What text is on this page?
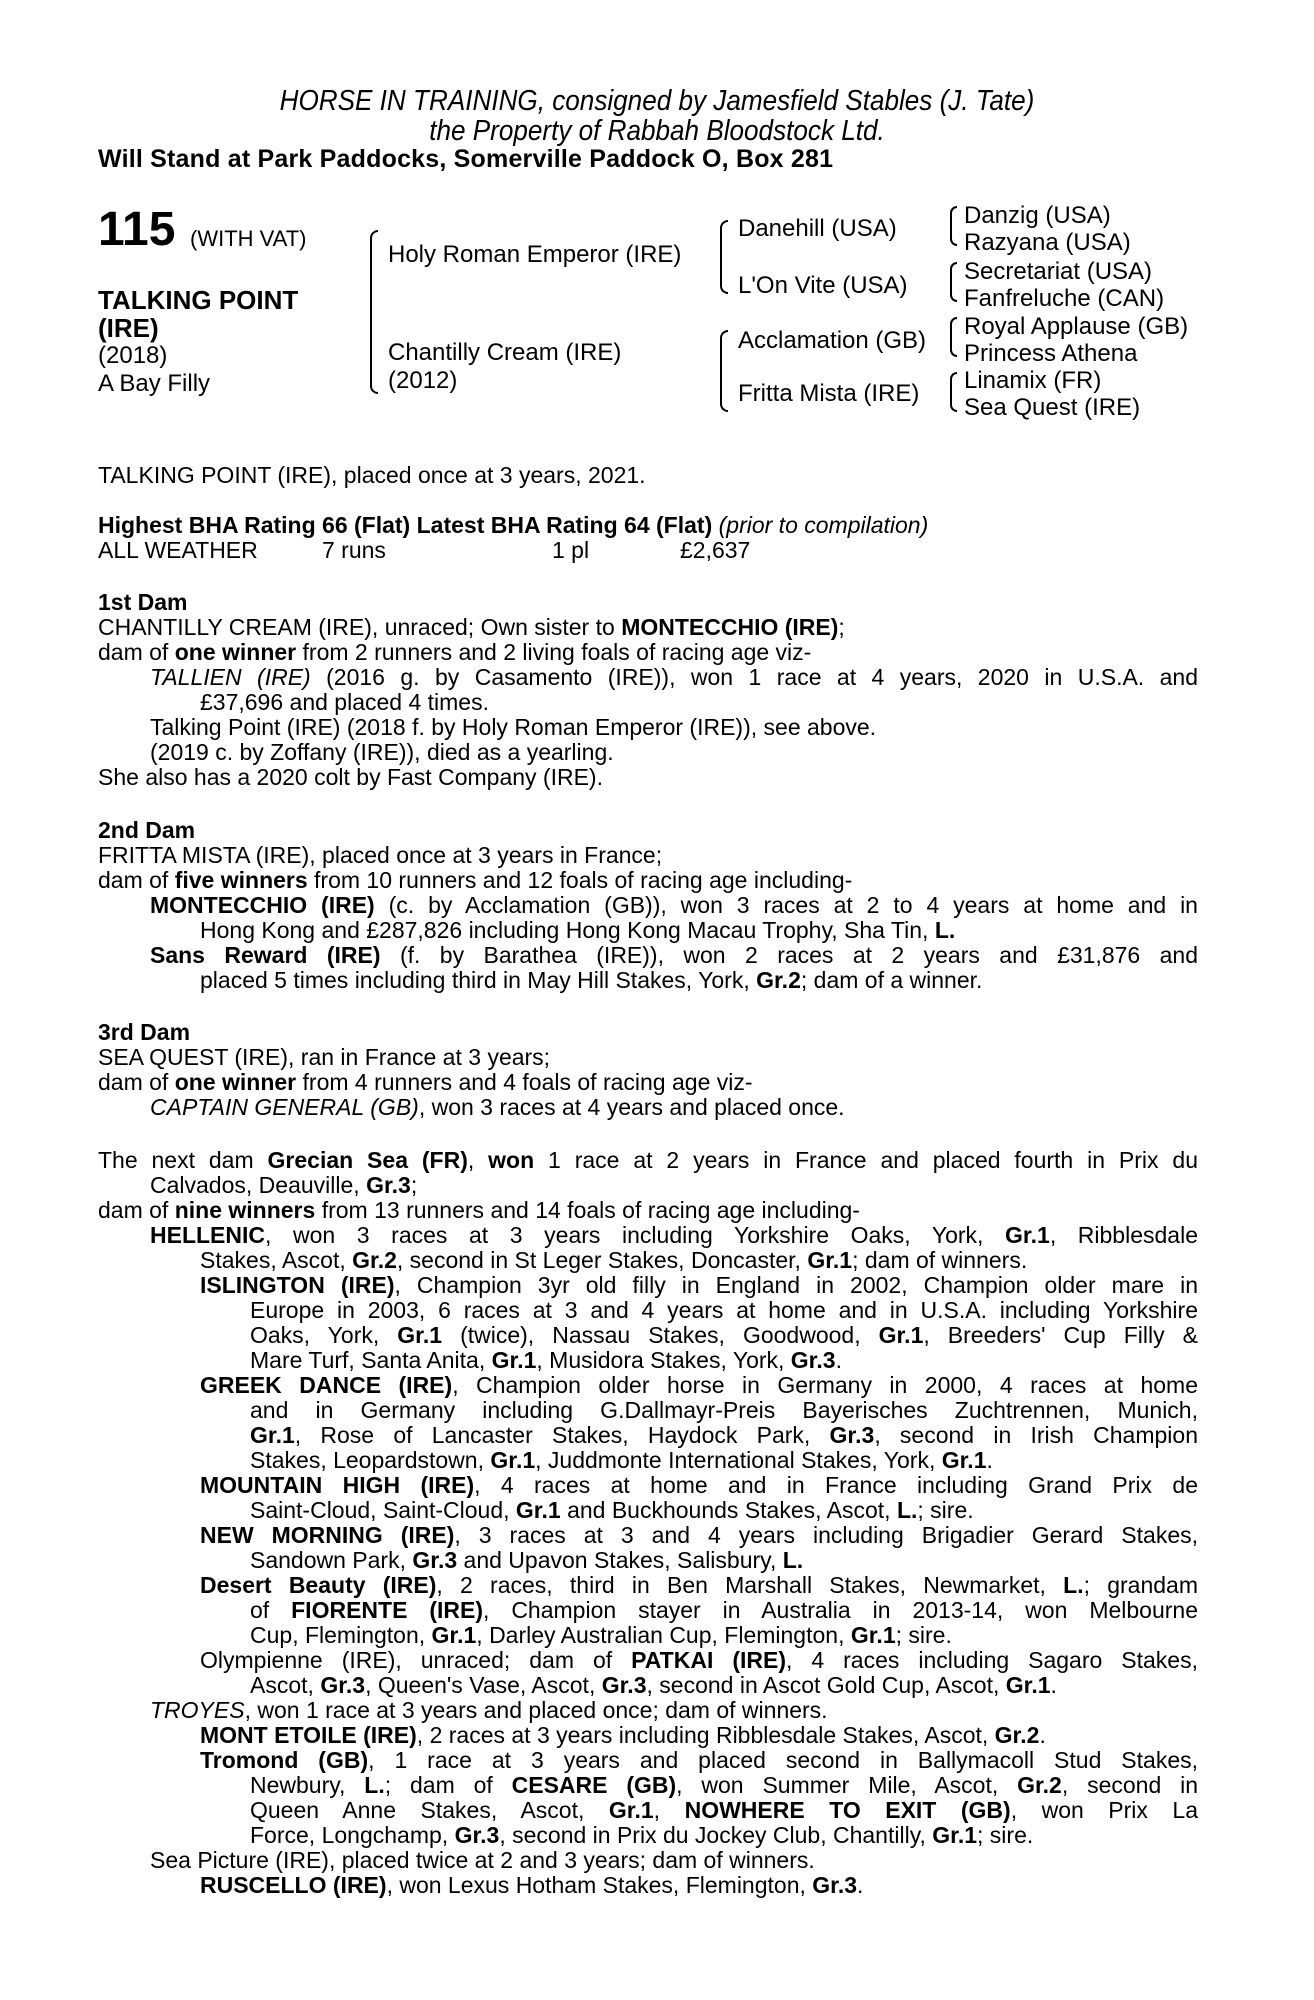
HORSE IN TRAINING, consigned by Jamesfield Stables (J. Tate)
the Property of Rabbah Bloodstock Ltd.
Will Stand at Park Paddocks, Somerville Paddock O, Box 281
115 (WITH VAT)
TALKING POINT
(IRE)
(2018)
A Bay Filly
Holy Roman Emperor (IRE)
Chantilly Cream (IRE)
(2012)
Danehill (USA)
L'On Vite (USA)
Acclamation (GB)
Fritta Mista (IRE)
Danzig (USA)
Razyana (USA)
Secretariat (USA)
Fanfreluche (CAN)
Royal Applause (GB)
Princess Athena
Linamix (FR)
Sea Quest (IRE)
TALKING POINT (IRE), placed once at 3 years, 2021.
Highest BHA Rating 66 (Flat) Latest BHA Rating 64 (Flat) (prior to compilation)
ALL WEATHER	7 runs	1 pl	£2,637
1st Dam
CHANTILLY CREAM (IRE), unraced; Own sister to MONTECCHIO (IRE);
dam of one winner from 2 runners and 2 living foals of racing age viz-
TALLIEN (IRE) (2016 g. by Casamento (IRE)), won 1 race at 4 years, 2020 in U.S.A. and
£37,696 and placed 4 times.
Talking Point (IRE) (2018 f. by Holy Roman Emperor (IRE)), see above.
(2019 c. by Zoffany (IRE)), died as a yearling.
She also has a 2020 colt by Fast Company (IRE).
2nd Dam
FRITTA MISTA (IRE), placed once at 3 years in France;
dam of five winners from 10 runners and 12 foals of racing age including-
MONTECCHIO (IRE) (c. by Acclamation (GB)), won 3 races at 2 to 4 years at home and in
Hong Kong and £287,826 including Hong Kong Macau Trophy, Sha Tin, L.
Sans Reward (IRE) (f. by Barathea (IRE)), won 2 races at 2 years and £31,876 and
placed 5 times including third in May Hill Stakes, York, Gr.2; dam of a winner.
3rd Dam
SEA QUEST (IRE), ran in France at 3 years;
dam of one winner from 4 runners and 4 foals of racing age viz-
CAPTAIN GENERAL (GB), won 3 races at 4 years and placed once.
The next dam Grecian Sea (FR), won 1 race at 2 years in France and placed fourth in Prix du
Calvados, Deauville, Gr.3;
dam of nine winners from 13 runners and 14 foals of racing age including-
HELLENIC, won 3 races at 3 years including Yorkshire Oaks, York, Gr.1, Ribblesdale
Stakes, Ascot, Gr.2, second in St Leger Stakes, Doncaster, Gr.1; dam of winners.
ISLINGTON (IRE), Champion 3yr old filly in England in 2002, Champion older mare in
Europe in 2003, 6 races at 3 and 4 years at home and in U.S.A. including Yorkshire
Oaks, York, Gr.1 (twice), Nassau Stakes, Goodwood, Gr.1, Breeders' Cup Filly &
Mare Turf, Santa Anita, Gr.1, Musidora Stakes, York, Gr.3.
GREEK DANCE (IRE), Champion older horse in Germany in 2000, 4 races at home
and in Germany including G.Dallmayr-Preis Bayerisches Zuchtrennen, Munich,
Gr.1, Rose of Lancaster Stakes, Haydock Park, Gr.3, second in Irish Champion
Stakes, Leopardstown, Gr.1, Juddmonte International Stakes, York, Gr.1.
MOUNTAIN HIGH (IRE), 4 races at home and in France including Grand Prix de
Saint-Cloud, Saint-Cloud, Gr.1 and Buckhounds Stakes, Ascot, L.; sire.
NEW MORNING (IRE), 3 races at 3 and 4 years including Brigadier Gerard Stakes,
Sandown Park, Gr.3 and Upavon Stakes, Salisbury, L.
Desert Beauty (IRE), 2 races, third in Ben Marshall Stakes, Newmarket, L.; grandam
of FIORENTE (IRE), Champion stayer in Australia in 2013-14, won Melbourne
Cup, Flemington, Gr.1, Darley Australian Cup, Flemington, Gr.1; sire.
Olympienne (IRE), unraced; dam of PATKAI (IRE), 4 races including Sagaro Stakes,
Ascot, Gr.3, Queen's Vase, Ascot, Gr.3, second in Ascot Gold Cup, Ascot, Gr.1.
TROYES, won 1 race at 3 years and placed once; dam of winners.
MONT ETOILE (IRE), 2 races at 3 years including Ribblesdale Stakes, Ascot, Gr.2.
Tromond (GB), 1 race at 3 years and placed second in Ballymacoll Stud Stakes,
Newbury, L.; dam of CESARE (GB), won Summer Mile, Ascot, Gr.2, second in
Queen Anne Stakes, Ascot, Gr.1, NOWHERE TO EXIT (GB), won Prix La
Force, Longchamp, Gr.3, second in Prix du Jockey Club, Chantilly, Gr.1; sire.
Sea Picture (IRE), placed twice at 2 and 3 years; dam of winners.
RUSCELLO (IRE), won Lexus Hotham Stakes, Flemington, Gr.3.
